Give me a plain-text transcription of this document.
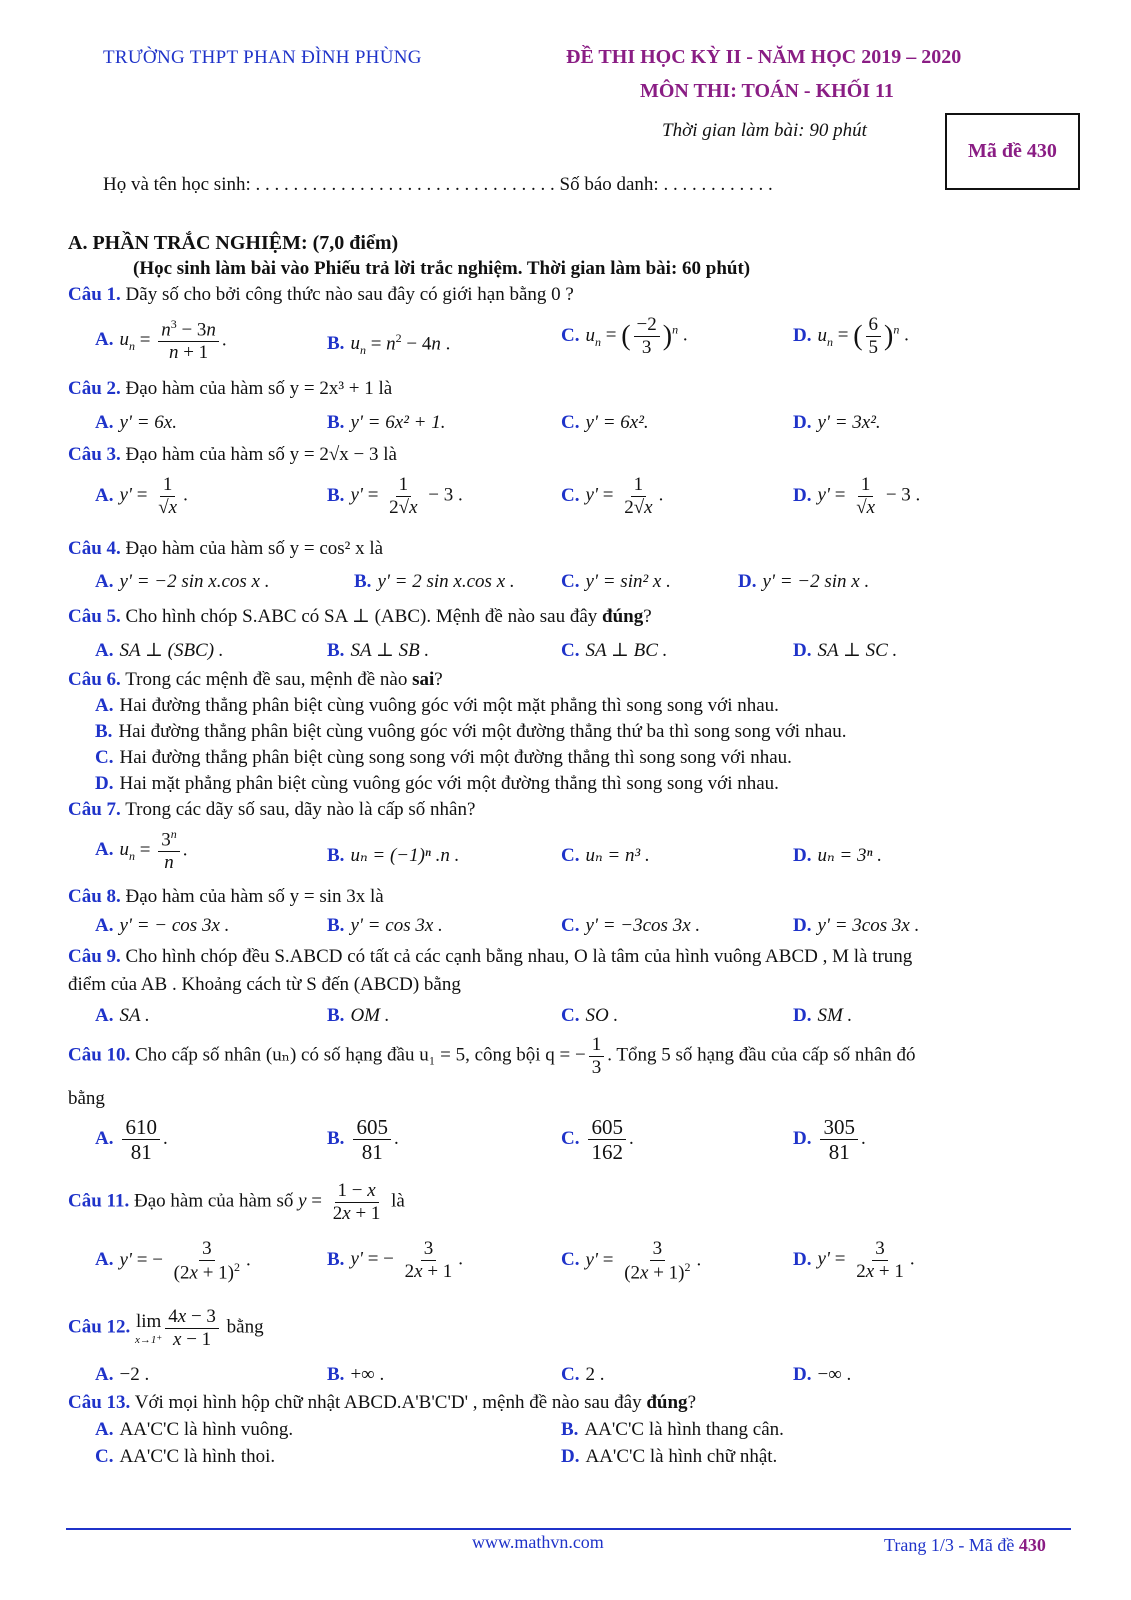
TRƯỜNG THPT PHAN ĐÌNH PHÙNG	ĐỀ THI HỌC KỲ II - NĂM HỌC 2019 – 2020
MÔN THI: TOÁN - KHỐI 11
Thời gian làm bài: 90 phút
Mã đề 430
Họ và tên học sinh: . . . . . . . . . . . . . . . . . . . . . . . . . . . . . . . . Số báo danh: . . . . . . . . . . . .
A. PHẦN TRẮC NGHIỆM: (7,0 điểm)
(Học sinh làm bài vào Phiếu trả lời trắc nghiệm. Thời gian làm bài: 60 phút)
Câu 1. Dãy số cho bởi công thức nào sau đây có giới hạn bằng 0 ?
A. $u_n = \frac{n^3 - 3n}{n + 1}$ .	B. $u_n = n^2 - 4n$ .	C. $u_n$ = ( $\frac{-2}{3} )^n$ .	D. $u_n$ = ( $\frac{6}{5} )^n$ .
Câu 2. Đạo hàm của hàm số y = 2x³ + 1 là
A. y' = 6x.	B. y' = 6x² + 1.	C. y' = 6x².	D. y' = 3x².
Câu 3. Đạo hàm của hàm số y = 2√x − 3 là
A. $y' = \frac{1}{√x}$ .	B. $y' = \frac{1}{2√x} - 3$ .	C. $y' = \frac{1}{2√x}$ .	D. $y' = \frac{1}{√x} - 3$ .
Câu 4. Đạo hàm của hàm số y = cos² x là
A. y' = −2 sin x.cos x .	B. y' = 2 sin x.cos x . C. y' = sin² x .	D. y' = −2 sin x .
Câu 5. Cho hình chóp S.ABC có SA ⊥ (ABC). Mệnh đề nào sau đây đúng?
A. SA ⊥ (SBC) .	B. SA ⊥ SB .	C. SA ⊥ BC .	D. SA ⊥ SC .
Câu 6. Trong các mệnh đề sau, mệnh đề nào sai?
A. Hai đường thẳng phân biệt cùng vuông góc với một mặt phẳng thì song song với nhau.
B. Hai đường thẳng phân biệt cùng vuông góc với một đường thẳng thứ ba thì song song với nhau.
C. Hai đường thẳng phân biệt cùng song song với một đường thẳng thì song song với nhau.
D. Hai mặt phẳng phân biệt cùng vuông góc với một đường thẳng thì song song với nhau.
Câu 7. Trong các dãy số sau, dãy nào là cấp số nhân?
A. $u_n = \frac{3^n}{n}$ .	B. uₙ = (−1)ⁿ .n .	C. uₙ = n³ .	D. uₙ = 3ⁿ .
Câu 8. Đạo hàm của hàm số y = sin 3x là
A. y' = − cos 3x .	B. y' = cos 3x .	C. y' = −3cos 3x .	D. y' = 3cos 3x .
Câu 9. Cho hình chóp đều S.ABCD có tất cả các cạnh bằng nhau, O là tâm của hình vuông ABCD , M là trung
điểm của AB . Khoảng cách từ S đến (ABCD) bằng
A. SA .	B. OM .	C. SO .	D. SM .
Câu 10. Cho cấp số nhân (uₙ) có số hạng đầu u₁ = 5, công bội q = − $\frac{1}{3}$ . Tổng 5 số hạng đầu của cấp số nhân đó
bằng
A. $\frac{610}{81}$ .	B. $\frac{605}{81}$ .	C. $\frac{605}{162}$ .	D. $\frac{305}{81}$ .
Câu 11. Đạo hàm của hàm số $y = \frac{1 - x}{2x + 1}$ là
A. y' = − $\frac{3}{(2x + 1)^2}$ .	B. y' = − $\frac{3}{2x + 1}$ .	C. $y' = \frac{3}{(2x + 1)^2}$ .	D. $y' = \frac{3}{2x + 1}$ .
Câu 12. lim
$x\to 1^+ \frac{4x - 3}{x - 1}$ bằng
A. −2 .	B. +∞ .	C. 2 .	D. −∞ .
Câu 13. Với mọi hình hộp chữ nhật ABCD.A'B'C'D' , mệnh đề nào sau đây đúng?
A. AA'C'C là hình vuông.	B. AA'C'C là hình thang cân.
C. AA'C'C là hình thoi.	D. AA'C'C là hình chữ nhật.
www.mathvn.com	Trang 1/3 - Mã đề 430
